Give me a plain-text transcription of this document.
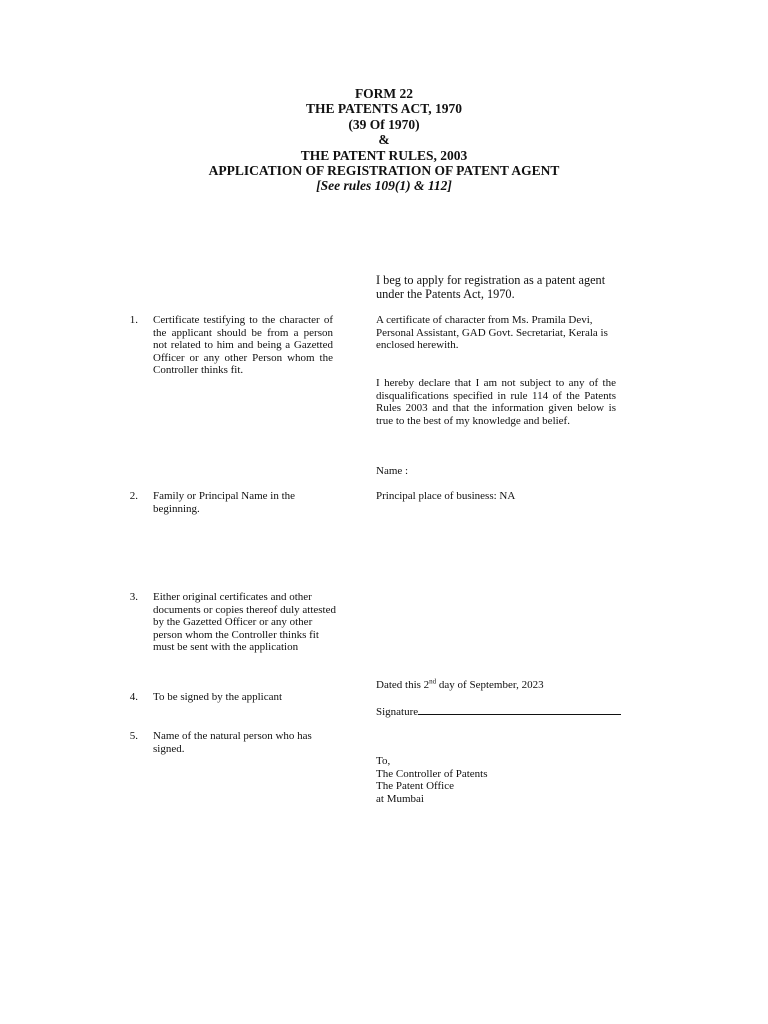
FORM 22
THE PATENTS ACT, 1970
(39 Of 1970)
&
THE PATENT RULES, 2003
APPLICATION OF REGISTRATION OF PATENT AGENT
[See rules 109(1) & 112]
I beg to apply for registration as a patent agent under the Patents Act, 1970.
1. Certificate testifying to the character of the applicant should be from a person not related to him and being a Gazetted Officer or any other Person whom the Controller thinks fit.
2. Family or Principal Name in the beginning.
3. Either original certificates and other documents or copies thereof duly attested by the Gazetted Officer or any other person whom the Controller thinks fit must be sent with the application
4. To be signed by the applicant
5. Name of the natural person who has signed.
A certificate of character from Ms. Pramila Devi, Personal Assistant, GAD Govt. Secretariat, Kerala is enclosed herewith.
I hereby declare that I am not subject to any of the disqualifications specified in rule 114 of the Patents Rules 2003 and that the information given below is true to the best of my knowledge and belief.
Name :
Principal place of business: NA
Dated this 2nd day of September, 2023
Signature
To,
The Controller of Patents
The Patent Office
at Mumbai
